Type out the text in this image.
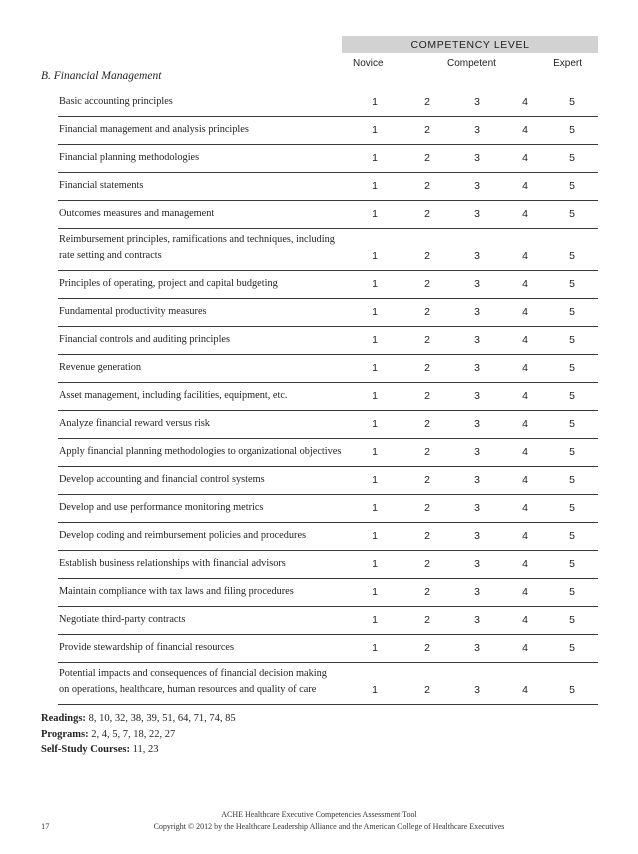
COMPETENCY LEVEL
Novice	Competent	Expert
B. Financial Management
Basic accounting principles	1	2	3	4	5
Financial management and analysis principles	1	2	3	4	5
Financial planning methodologies	1	2	3	4	5
Financial statements	1	2	3	4	5
Outcomes measures and management	1	2	3	4	5
Reimbursement principles, ramifications and techniques, including
rate setting and contracts	1	2	3	4	5
Principles of operating, project and capital budgeting	1	2	3	4	5
Fundamental productivity measures	1	2	3	4	5
Financial controls and auditing principles	1	2	3	4	5
Revenue generation	1	2	3	4	5
Asset management, including facilities, equipment, etc.	1	2	3	4	5
Analyze financial reward versus risk	1	2	3	4	5
Apply financial planning methodologies to organizational objectives	1	2	3	4	5
Develop accounting and financial control systems	1	2	3	4	5
Develop and use performance monitoring metrics	1	2	3	4	5
Develop coding and reimbursement policies and procedures	1	2	3	4	5
Establish business relationships with financial advisors	1	2	3	4	5
Maintain compliance with tax laws and filing procedures	1	2	3	4	5
Negotiate third-party contracts	1	2	3	4	5
Provide stewardship of financial resources	1	2	3	4	5
Potential impacts and consequences of financial decision making
on operations, healthcare, human resources and quality of care	1	2	3	4	5
Readings: 8, 10, 32, 38, 39, 51, 64, 71, 74, 85
Programs: 2, 4, 5, 7, 18, 22, 27
Self-Study Courses: 11, 23
ACHE Healthcare Executive Competencies Assessment Tool
Copyright © 2012 by the Healthcare Leadership Alliance and the American College of Healthcare Executives
17
